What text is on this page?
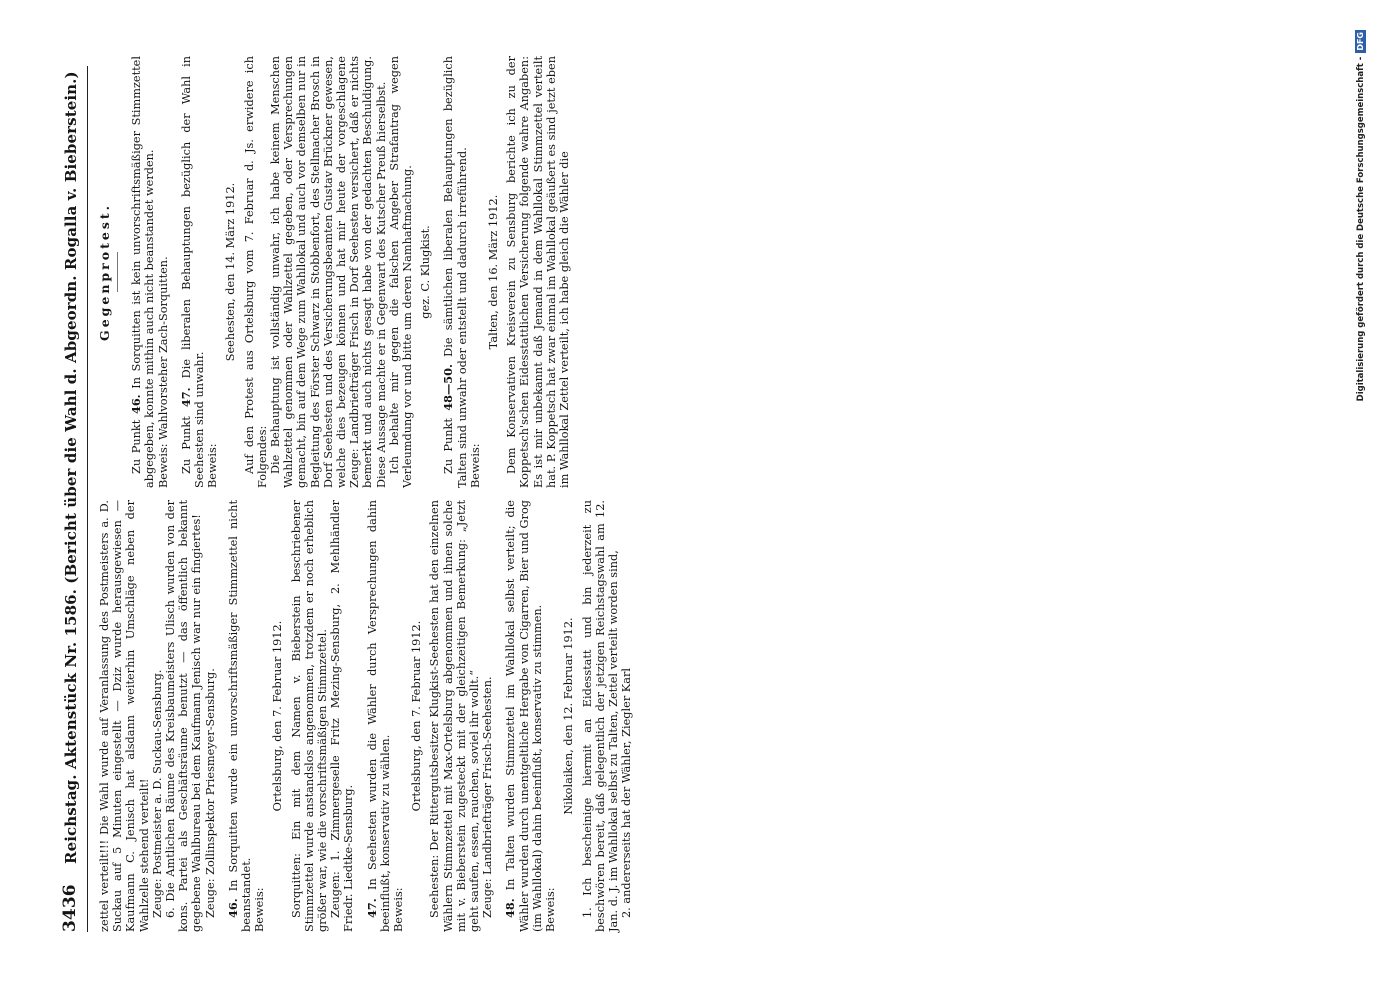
3436
Reichstag. Aktenstück Nr. 1586. (Bericht über die Wahl d. Abgeordn. Rogalla v. Bieberstein.) zettel verteilt!!! Die Wahl wurde auf Veranlassung des Postmeisters a. D. Suckau auf 5 Minuten eingestellt — Dziz wurde herausgewiesen — Kaufmann C. Jenisch hat alsdann weiterhin Umschläge neben der Wahlzelle stehend verteilt! Zeuge: Postmeister a. D. Suckau-Sensburg. 6. Die Amtlichen Räume des Kreisbaumeisters Ulisch wurden von der kons. Partei als Geschäftsräume benutzt — das öffentlich bekannt gegebene Wahlbureau bei dem Kaufmann Jenisch war nur ein fingiertes! Zeuge: Zollinspektor Priesmeyer-Sensburg. 46. In Sorquitten wurde ein unvorschriftsmäßiger Stimmzettel nicht beanstandet. Beweis:

Ortelsburg, den 7. Februar 1912. Sorquitten: Ein mit dem Namen v. Bieberstein beschriebener Stimmzettel wurde anstandslos angenommen, trotzdem er noch erheblich größer war, wie die vorschriftsmäßigen Stimmzettel. Zeugen: 1. Zimmergeselle Fritz Mezing-Sensburg, 2. Mehlhändler Friedr. Liedtke-Sensburg. 47. In Seehesten wurden die Wähler durch Versprechungen dahin beeinflußt, konservativ zu wählen. Beweis:

Ortelsburg, den 7. Februar 1912. Seehesten: Der Rittergutsbesitzer Klugkist-Seehesten hat den einzelnen Wählern Stimmzettel mit Max-Ortelsburg abgenommen und ihnen solche mit v. Bieberstein zugesteckt mit der gleichzeitigen Bemerkung: „Jetzt geht saufen, essen, rauchen, soviel ihr wollt.“ Zeuge: Landbriefträger Frisch-Seehesten. 48. In Talten wurden Stimmzettel im Wahllokal selbst verteilt; die Wähler wurden durch unentgeltliche Hergabe von Cigarren, Bier und Grog (im Wahllokal) dahin beeinflußt, konservativ zu stimmen. Beweis:

Nikolaiken, den 12. Februar 1912. 1. Ich bescheinige hiermit an Eidesstatt und bin jederzeit zu beschwören bereit, daß gelegentlich der jetzigen Reichstagswahl am 12. Jan. d. J. im Wahllokal selbst zu Talten, Zettel verteilt worden sind, 2. andererseits hat der Wähler, Ziegler Karl

Gegenprotest.

Zu Punkt 46. In Sorquitten ist kein unvorschriftsmäßiger Stimmzettel abgegeben, konnte mithin auch nicht beanstandet werden. Beweis: Wahlvorsteher Zach-Sorquitten. Zu Punkt 47. Die liberalen Behauptungen bezüglich der Wahl in Seehesten sind unwahr. Beweis:

Seehesten, den 14. März 1912. Auf den Protest aus Ortelsburg vom 7. Februar d. Js. erwidere ich Folgendes: Die Behauptung ist vollständig unwahr, ich habe keinem Menschen Wahlzettel genommen oder Wahlzettel gegeben, oder Versprechungen gemacht, bin auf dem Wege zum Wahllokal und auch vor demselben nur in Begleitung des Förster Schwarz in Stobbenfort, des Stellmacher Brosch in Dorf Seehesten und des Versicherungsbeamten Gustav Brückner gewesen, welche dies bezeugen können und hat mir heute der vorgeschlagene Zeuge: Landbriefträger Frisch in Dorf Seehesten versichert, daß er nichts bemerkt und auch nichts gesagt habe von der gedachten Beschuldigung. Diese Aussage machte er in Gegenwart des Kutscher Preuß hierselbst. Ich behalte mir gegen die falschen Angeber Strafantrag wegen Verleumdung vor und bitte um deren Namhaftmachung. gez. C. Klugkist.

Zu Punkt 48—50. Die sämtlichen liberalen Behauptungen bezüglich Talten sind unwahr oder entstellt und dadurch irreführend. Beweis:

Talten, den 16. März 1912. Dem Konservativen Kreisverein zu Sensburg berichte ich zu der Koppetsch'schen Eidesstattlichen Versicherung folgende wahre Angaben: Es ist mir unbekannt daß Jemand in dem Wahllokal Stimmzettel verteilt hat. P. Koppetsch hat zwar einmal im Wahllokal geäußert es sind jetzt eben im Wahllokal Zettel verteilt, ich habe gleich die Wähler die	Digitalisierung gefördert durch die Deutsche Forschungsgemeinschaft -DFG
